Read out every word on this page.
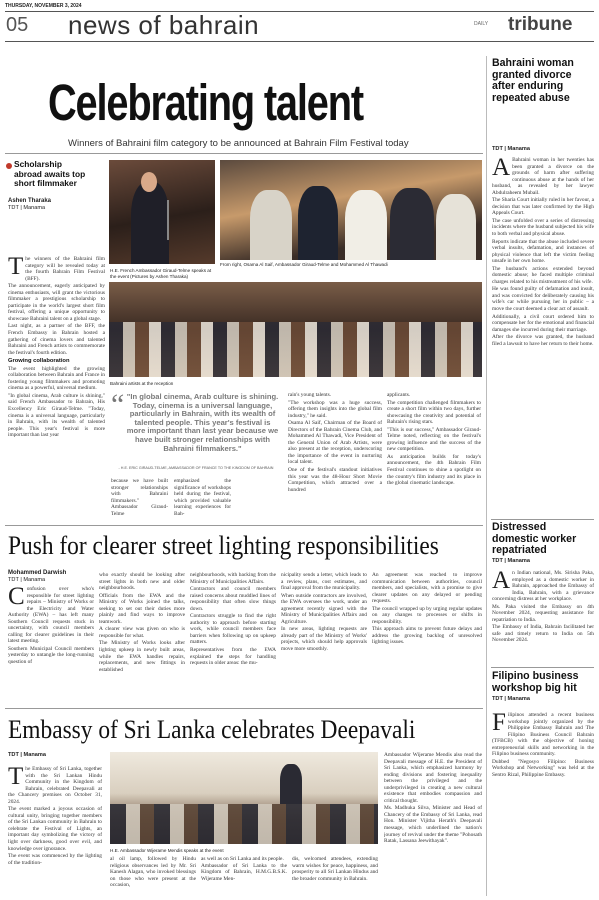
THURSDAY, NOVEMBER 3, 2024
05 news of bahrain	DAILY tribune
Celebrating talent
Winners of Bahraini film category to be announced at Bahrain Film Festival today
Scholarship abroad awaits top short filmmaker
Ashen Tharaka
TDT | Manama
T he winners of the Bahraini film category will be revealed today at the fourth Bahrain Film Festival (BFF).

The announcement, eagerly anticipated by cinema enthusiasts, will grant the victorious filmmaker a prestigious scholarship to participate in the world's largest short film festival, offering a unique opportunity to showcase Bahraini talent on a global stage.

Last night, as a partner of the BFF, the French Embassy in Bahrain hosted a gathering of cinema lovers and talented Bahraini and French artists to commemorate the festival's fourth edition.

Growing collaboration

The event highlighted the growing collaboration between Bahrain and France in fostering young filmmakers and promoting cinema as a powerful, universal medium.

"In global cinema, Arab culture is shining," said French Ambassador to Bahrain, His Excellency Eric Giraud-Telme. "Today, cinema is a universal language, particularly in Bahrain, with its wealth of talented people. This year's festival is more important than last year

H.E. French Ambassador Giraud-Telme speaks at the event (Pictures by Ashen Tharaka)
From right, Osama Al Saif, Ambassador Giraud-Telme and Mohammed Al Thawadi
Bahraini artists at the reception
“ "In global cinema, Arab culture is shining. Today, cinema is a universal language, particularly in Bahrain, with its wealth of talented people. This year's festival is more important than last year because we have built stronger relationships with Bahraini filmmakers."
- H.E. ERIC GIRAUD-TELME, AMBASSADOR OF FRANCE TO THE KINGDOM OF BAHRAIN
because we have built stronger relationships with Bahraini filmmakers."
Ambassador Giraud-Telme
emphasized the significance of workshops held during the festival, which provided valuable learning experiences for Bah-

rain's young talents.

"The workshop was a huge success, offering them insights into the global film industry," he said.

Osama Al Saif, Chairman of the Board of Directors of the Bahrain Cinema Club, and Mohammed Al Thawadi, Vice President of the General Union of Arab Artists, were also present at the reception, underscoring the importance of the event in nurturing local talent.

One of the festival's standout initiatives this year was the 48-Hour Short Movie Competition, which attracted over a hundred

applicants.

The competition challenged filmmakers to create a short film within two days, further showcasing the creativity and potential of Bahrain's rising stars.

"This is our success," Ambassador Giraud-Telme noted, reflecting on the festival's growing influence and the success of the new competition.

As anticipation builds for today's announcement, the 4th Bahrain Film Festival continues to shine a spotlight on the country's film industry and its place in the global cinematic landscape.

Bahraini woman granted divorce after enduring repeated abuse
TDT | Manama
A Bahraini woman in her twenties has been granted a divorce on the grounds of harm after suffering continuous abuse at the hands of her husband, as revealed by her lawyer Abdulraheem Mubail.

The Sharia Court initially ruled in her favour, a decision that was later confirmed by the High Appeals Court.

The case unfolded over a series of distressing incidents where the husband subjected his wife to both verbal and physical abuse.

Reports indicate that the abuse included severe verbal insults, defamation, and instances of physical violence that left the victim feeling unsafe in her own home.

The husband's actions extended beyond domestic abuse; he faced multiple criminal charges related to his mistreatment of his wife.

He was found guilty of defamation and insult, and was convicted for deliberately causing his wife's car while pursuing her in public – a move the court deemed a clear act of assault.

Additionally, a civil court ordered him to compensate her for the emotional and financial damages she incurred during their marriage.

After the divorce was granted, the husband filed a lawsuit to have her return to their home.

Distressed domestic worker repatriated
TDT | Manama
A n Indian national, Ms. Sirisha Paka, employed as a domestic worker in Bahrain, approached the Embassy of India, Bahrain, with a grievance concerning distress at her workplace.

Ms. Paka visited the Embassy on 4th November 2024, requesting assistance for repatriation to India.

The Embassy of India, Bahrain facilitated her safe and timely return to India on 5th November 2024.

Filipino business workshop big hit
TDT | Manama
F ilipinos attended a recent business workshop jointly organized by the Philippine Embassy Bahrain and The Filipino Business Council Bahrain (TFBCB) with the objective of honing entrepreneurial skills and networking in the Filipino business community.

Dubbed "Negosyo Filipino: Business Workshop and Networking" was held at the Sentro Rizal, Philippine Embassy.

Push for clearer street lighting responsibilities
Mohammed Darwish
TDT | Manama
C onfusion over who's responsible for street lighting repairs – Ministry of Works or the Electricity and Water Authority (EWA) – has left many Southern Council requests stuck in uncertainty, with council members calling for clearer guidelines in their latest meeting.

Southern Municipal Council members yesterday to untangle the long-running question of

who exactly should be looking after street lights in both new and older neighbourhoods.

Officials from the EWA and the Ministry of Works joined the talks, seeking to set out their duties more plainly and find ways to improve teamwork.

A clearer view was given on who is responsible for what.

The Ministry of Works looks after lighting upkeep in newly built areas, while the EWA handles repairs, replacements, and new fittings in established

neighbourhoods, with backing from the Ministry of Municipalities Affairs.

Contractors and council members raised concerns about muddled lines of responsibility that often slow things down.

Contractors struggle to find the right authority to approach before starting work, while council members face barriers when following up on upkeep matters.

Representatives from the EWA explained the steps for handling requests in older areas: the mu-

nicipality sends a letter, which leads to a review, plans, cost estimates, and final approval from the municipality.

When outside contractors are involved, the EWA oversees the work, under an agreement recently signed with the Ministry of Municipalities Affairs and Agriculture.

In new areas, lighting requests are already part of the Ministry of Works' projects, which should help approvals move more smoothly.

An agreement was reached to improve communication between authorities, council members, and specialists, with a promise to give clearer updates on any delayed or pending requests.

The council wrapped up by urging regular updates on any changes to processes or shifts in responsibility.

This approach aims to prevent future delays and address the growing backlog of unresolved lighting issues.

Embassy of Sri Lanka celebrates Deepavali
TDT | Manama
T he Embassy of Sri Lanka, together with the Sri Lankan Hindu Community in the Kingdom of Bahrain, celebrated Deepavali at the Chancery premises on October 31, 2024.

The event marked a joyous occasion of cultural unity, bringing together members of the Sri Lankan community in Bahrain to celebrate the Festival of Lights, an important day symbolizing the victory of light over darkness, good over evil, and knowledge over ignorance.

The event was commenced by the lighting of the tradition-

H.E. Ambassador Wijerame Mendis speaks at the event
al oil lamp, followed by Hindu religious observances led by Mr. Sri Kanesh Alagan, who invoked blessings on those who were present at the occasion,
as well as on Sri Lanka and its people.
Ambassador of Sri Lanka to the Kingdom of Bahrain, H.M.G.B.S.K. Wijerame Men-
dis, welcomed attendees, extending warm wishes for peace, happiness, and prosperity to all Sri Lankan Hindus and the broader community in Bahrain.

Ambassador Wijerame Mendis also read the Deepavali message of H.E. the President of Sri Lanka, which emphasized harmony by ending divisions and fostering inequality between the privileged and the underprivileged in creating a new cultural existence that embodies compassion and critical thought.

Ms. Madhuka Silva, Minister and Head of Chancery of the Embassy of Sri Lanka, read Hon. Minister Vijitha Herath's Deepavali message, which underlined the nation's journey of revival under the theme "Pohosath Ratak, Lassana Jeewithayak".
